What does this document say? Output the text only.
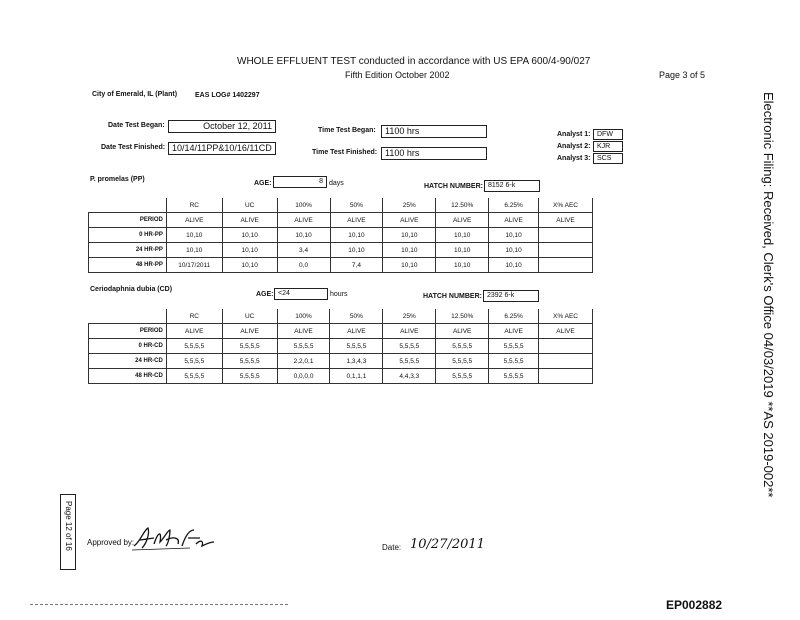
WHOLE EFFLUENT TEST conducted in accordance with US EPA 600/4-90/027
Fifth Edition October 2002	Page 3 of 5
City of Emerald, IL (Plant)	EAS LOG# 1402297
Date Test Began:	October 12, 2011
Date Test Finished: 10/14/11PP&10/16/11CD
Time Test Began:	1100 hrs
Time Test Finished: 1100 hrs
Analyst 1: DFW
Analyst 2: KJR
Analyst 3: SCS
P. promelas (PP)
AGE:	8 days	HATCH NUMBER: 8152 6-k
	RC	UC	100%	50%	25%	12.50%	6.25%	X% AEC
PERIOD	ALIVE	ALIVE	ALIVE	ALIVE	ALIVE	ALIVE	ALIVE	ALIVE
0 HR-PP	10,10	10,10	10,10	10,10	10,10	10,10	10,10	
24 HR-PP	10,10	10,10	3,4	10,10	10,10	10,10	10,10	
48 HR-PP	10/17/2011	10,10	0,0	7,4	10,10	10,10	10,10	
Ceriodaphnia dubia (CD)
AGE: <24	hours	HATCH NUMBER: 2392 6-k
	RC	UC	100%	50%	25%	12.50%	6.25%	X% AEC
PERIOD	ALIVE	ALIVE	ALIVE	ALIVE	ALIVE	ALIVE	ALIVE	ALIVE
0 HR-CD	5,5,5,5	5,5,5,5	5,5,5,5	5,5,5,5	5,5,5,5	5,5,5,5	5,5,5,5	
24 HR-CD	5,5,5,5	5,5,5,5	2,2,0,1	1,3,4,3	5,5,5,5	5,5,5,5	5,5,5,5	
48 HR-CD	5,5,5,5	5,5,5,5	0,0,0,0	0,1,1,1	4,4,3,3	5,5,5,5	5,5,5,5	
Page 12 of 16 Approved by:
Date: 10/27/2011
EP002882
Electronic Filing: Received, Clerk's Office 04/03/2019 **AS 2019-002**
